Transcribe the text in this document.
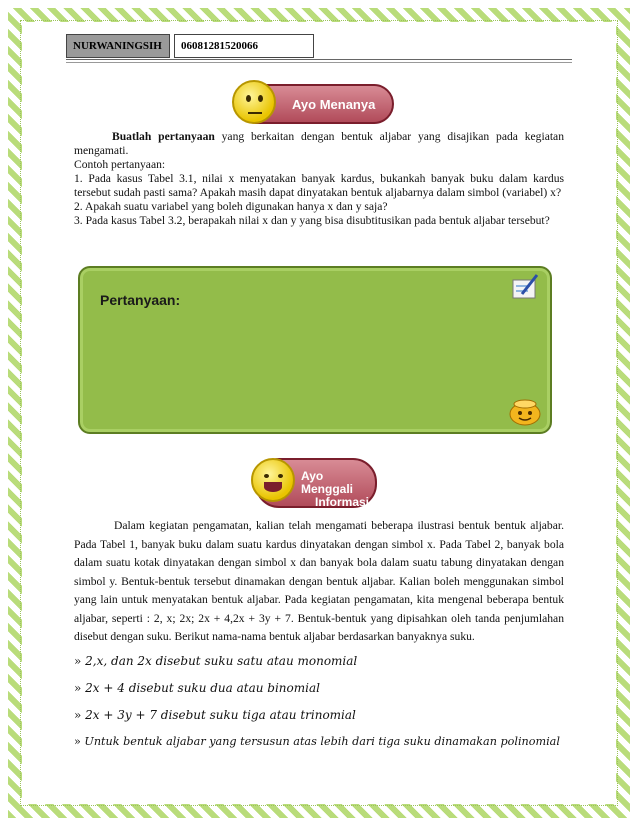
NURWANINGSIH	06081281520066
Ayo Menanya
Buatlah pertanyaan yang berkaitan dengan bentuk aljabar yang disajikan pada kegiatan mengamati.
Contoh pertanyaan:
1. Pada kasus Tabel 3.1, nilai x menyatakan banyak kardus, bukankah banyak buku dalam kardus tersebut sudah pasti sama? Apakah masih dapat dinyatakan bentuk aljabarnya dalam simbol (variabel) x?
2. Apakah suatu variabel yang boleh digunakan hanya x dan y saja?
3. Pada kasus Tabel 3.2, berapakah nilai x dan y yang bisa disubtitusikan pada bentuk aljabar tersebut?
Pertanyaan:
Ayo Menggali
Informasi
Dalam kegiatan pengamatan, kalian telah mengamati beberapa ilustrasi bentuk bentuk aljabar. Pada Tabel 1, banyak buku dalam suatu kardus dinyatakan dengan simbol x. Pada Tabel 2, banyak bola dalam suatu kotak dinyatakan dengan simbol x dan banyak bola dalam suatu tabung dinyatakan dengan simbol y. Bentuk-bentuk tersebut dinamakan dengan bentuk aljabar. Kalian boleh menggunakan simbol yang lain untuk menyatakan bentuk aljabar. Pada kegiatan pengamatan, kita mengenal beberapa bentuk aljabar, seperti : 2, x; 2x; 2x + 4,2x + 3y + 7. Bentuk-bentuk yang dipisahkan oleh tanda penjumlahan disebut dengan suku. Berikut nama-nama bentuk aljabar berdasarkan banyaknya suku.
» 2,x, dan 2x disebut suku satu atau monomial
» 2x + 4 disebut suku dua atau binomial
» 2x + 3y + 7 disebut suku tiga atau trinomial
» Untuk bentuk aljabar yang tersusun atas lebih dari tiga suku dinamakan polinomial
